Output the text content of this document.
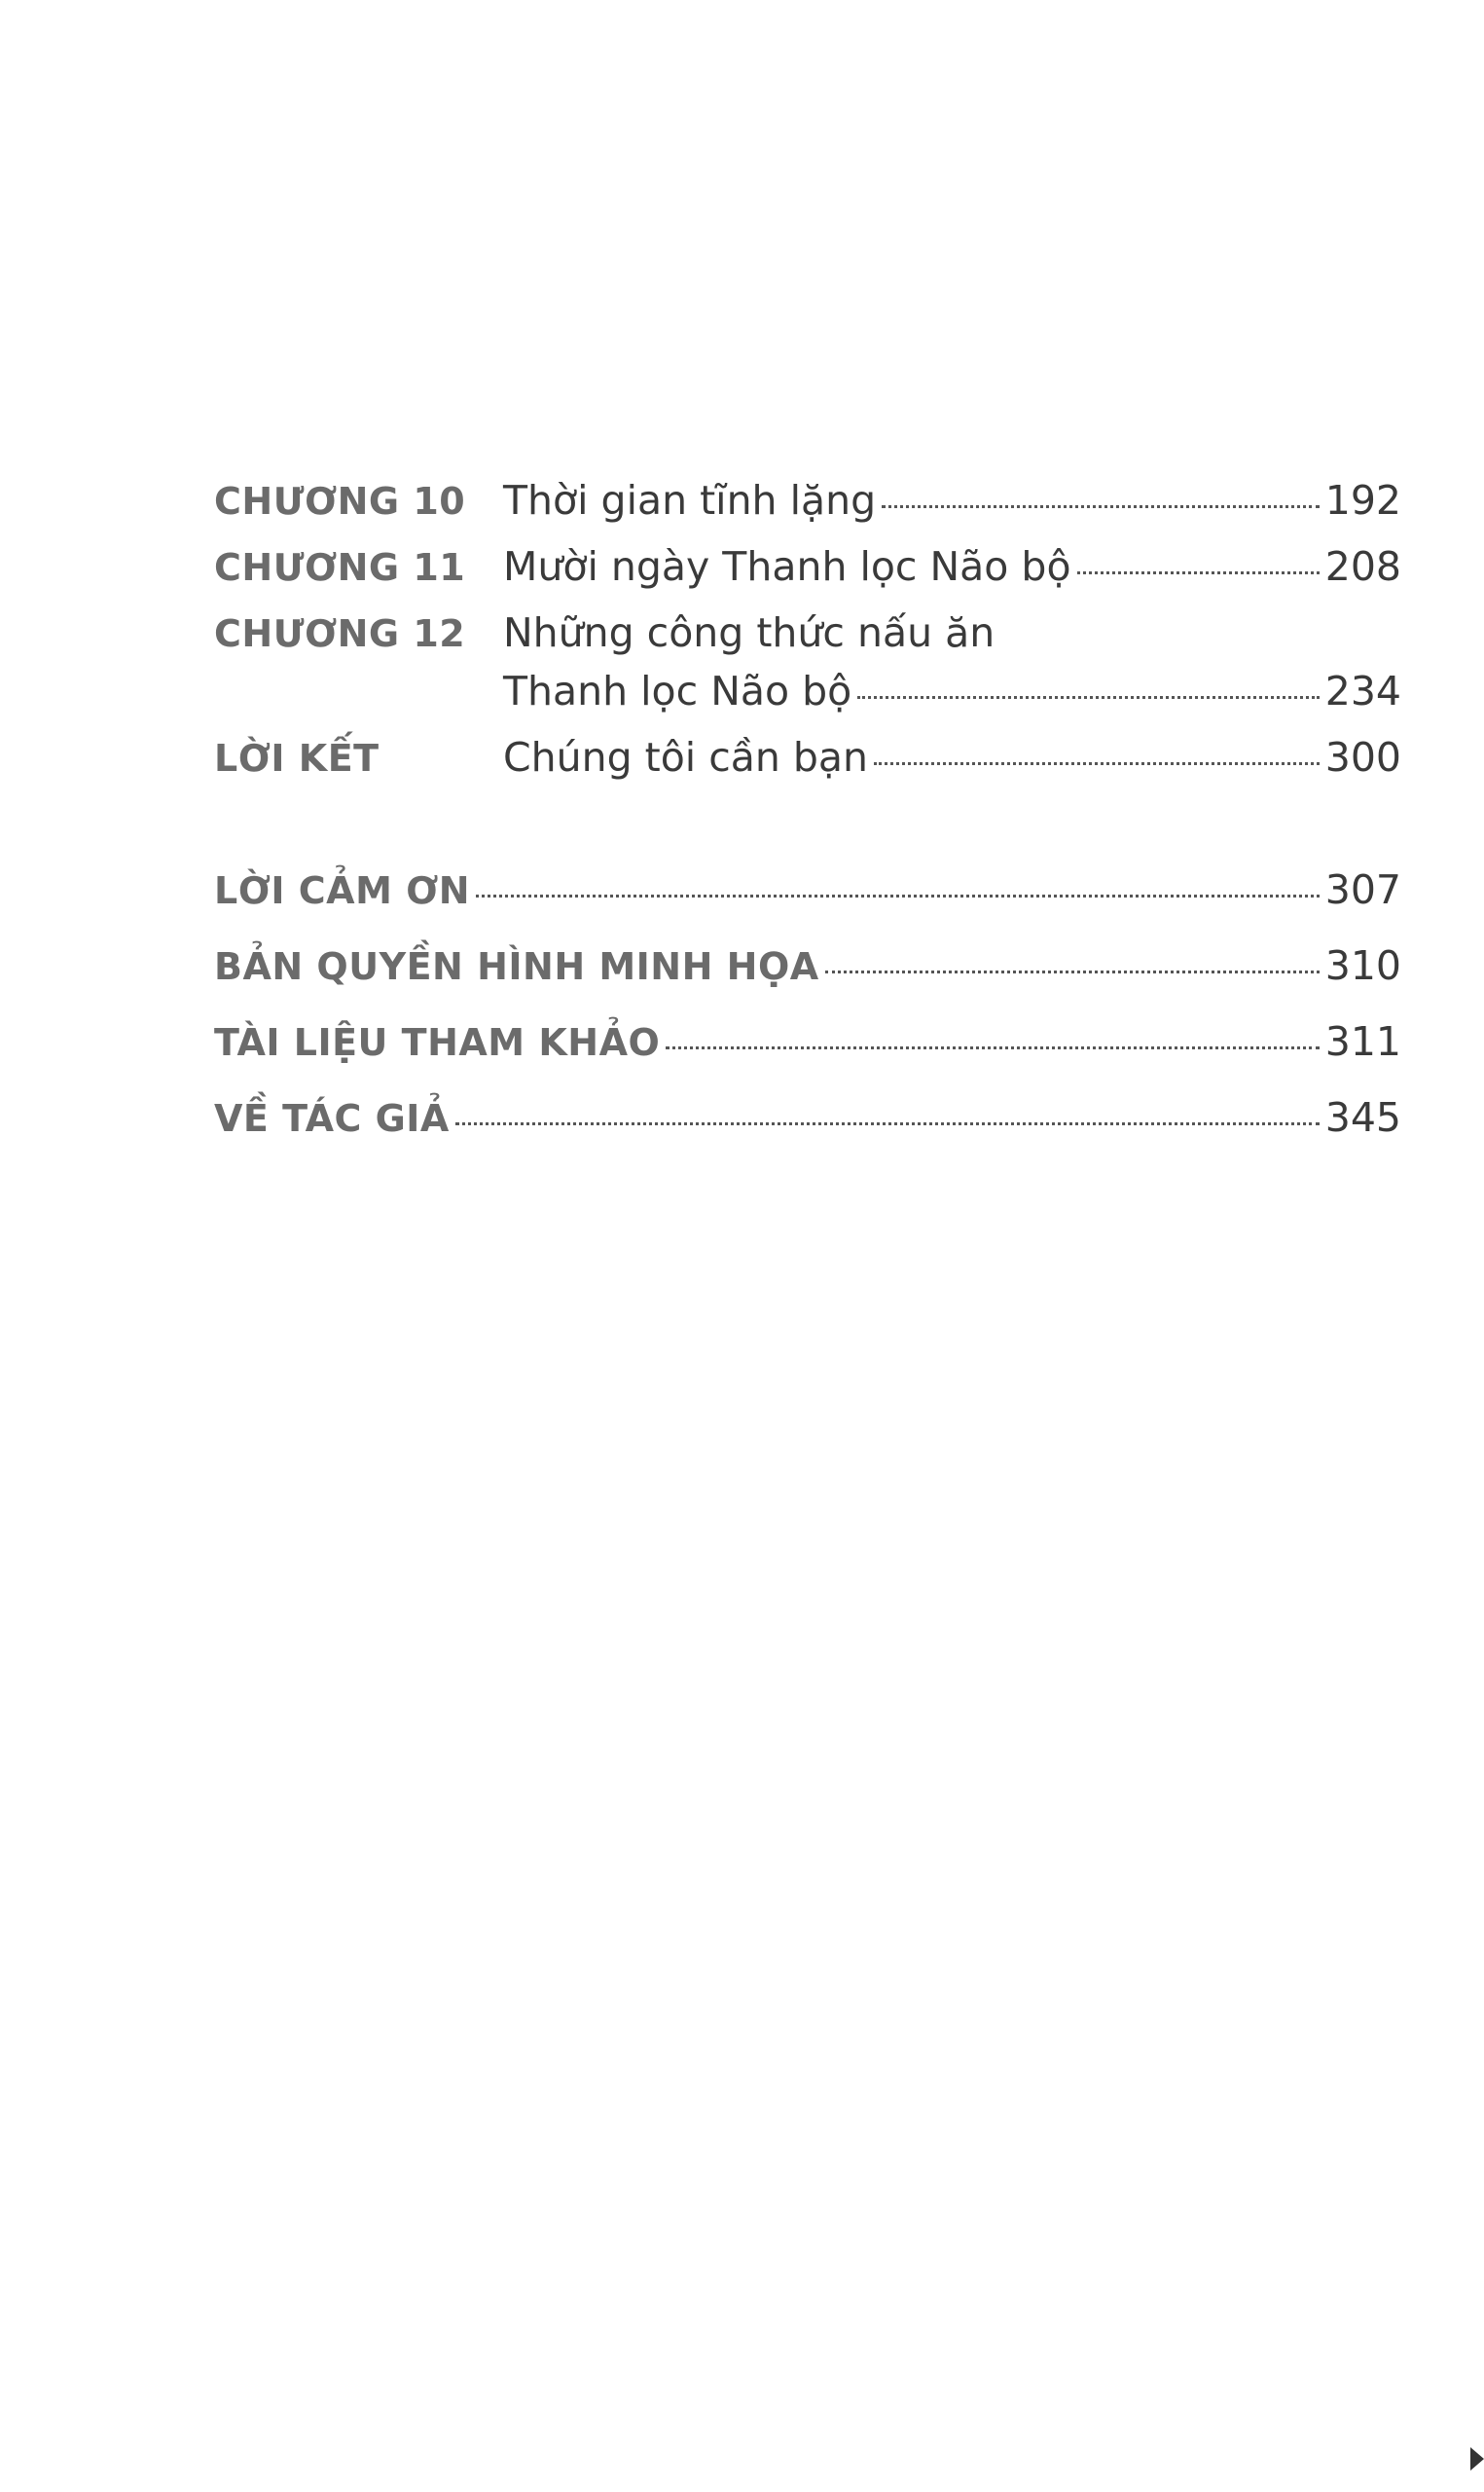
CHƯƠNG 10 Thời gian tĩnh lặng	192
CHƯƠNG 11 Mười ngày Thanh lọc Não bộ	208
CHƯƠNG 12 Những công thức nấu ăn
Thanh lọc Não bộ	234
LỜI KẾT	Chúng tôi cần bạn	300
LỜI CẢM ƠN	307
BẢN QUYỀN HÌNH MINH HỌA	310
TÀI LIỆU THAM KHẢO	311
VỀ TÁC GIẢ	345
